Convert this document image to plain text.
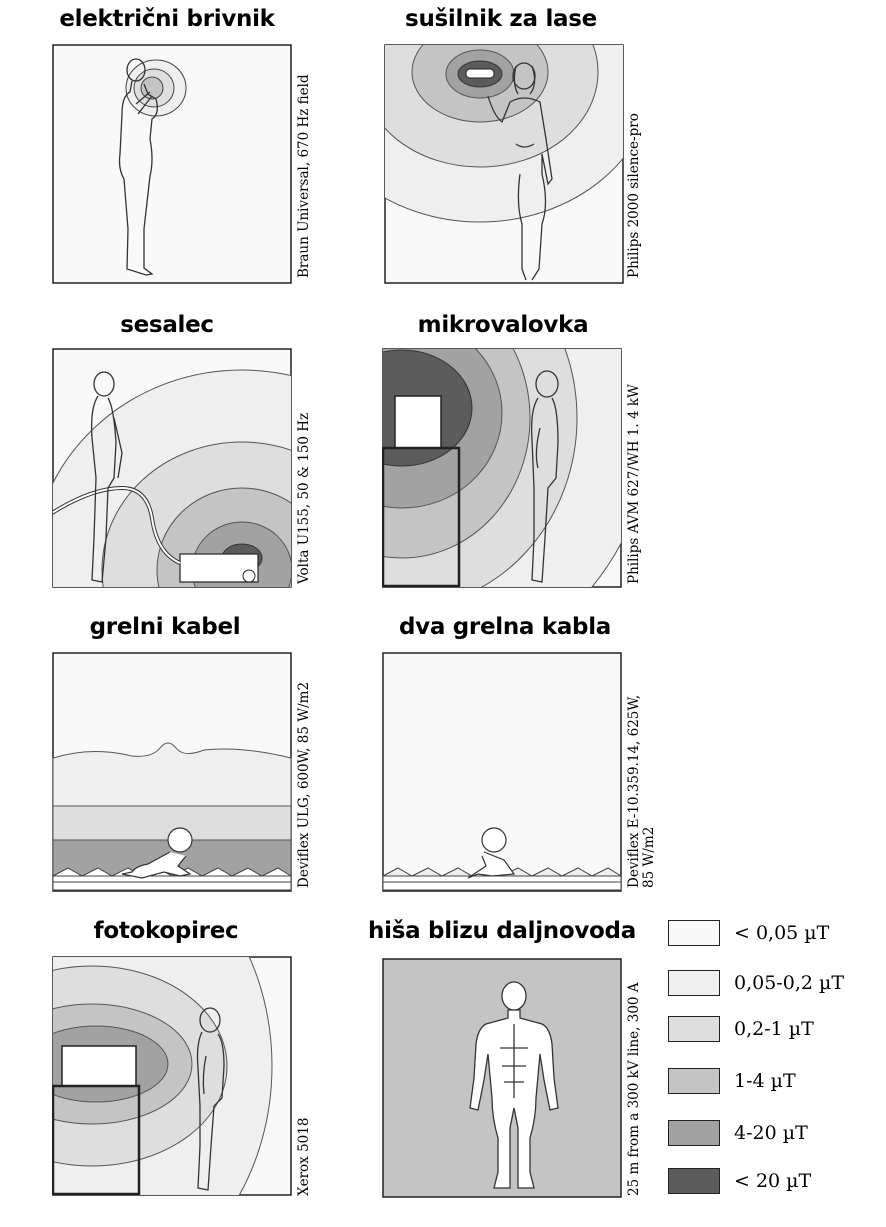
električni brivnik	sušilnik za lase
sesalec	mikrovalovka
grelni kabel	dva grelna kabla
fotokopirec	hiša blizu daljnovoda
Braun Universal, 670 Hz field	Philips 2000 silence-pro
Volta U155, 50 & 150 Hz	Philips AVM 627/WH 1. 4 kW
Deviflex ULG, 600W, 85 W/m2	Deviflex E-10.359.14, 625W, 85 W/m2
Xerox 5018	25 m from a 300 kV line, 300 A
< 0,05 µT
0,05-0,2 µT
0,2-1 µT
1-4 µT
4-20 µT
< 20 µT
